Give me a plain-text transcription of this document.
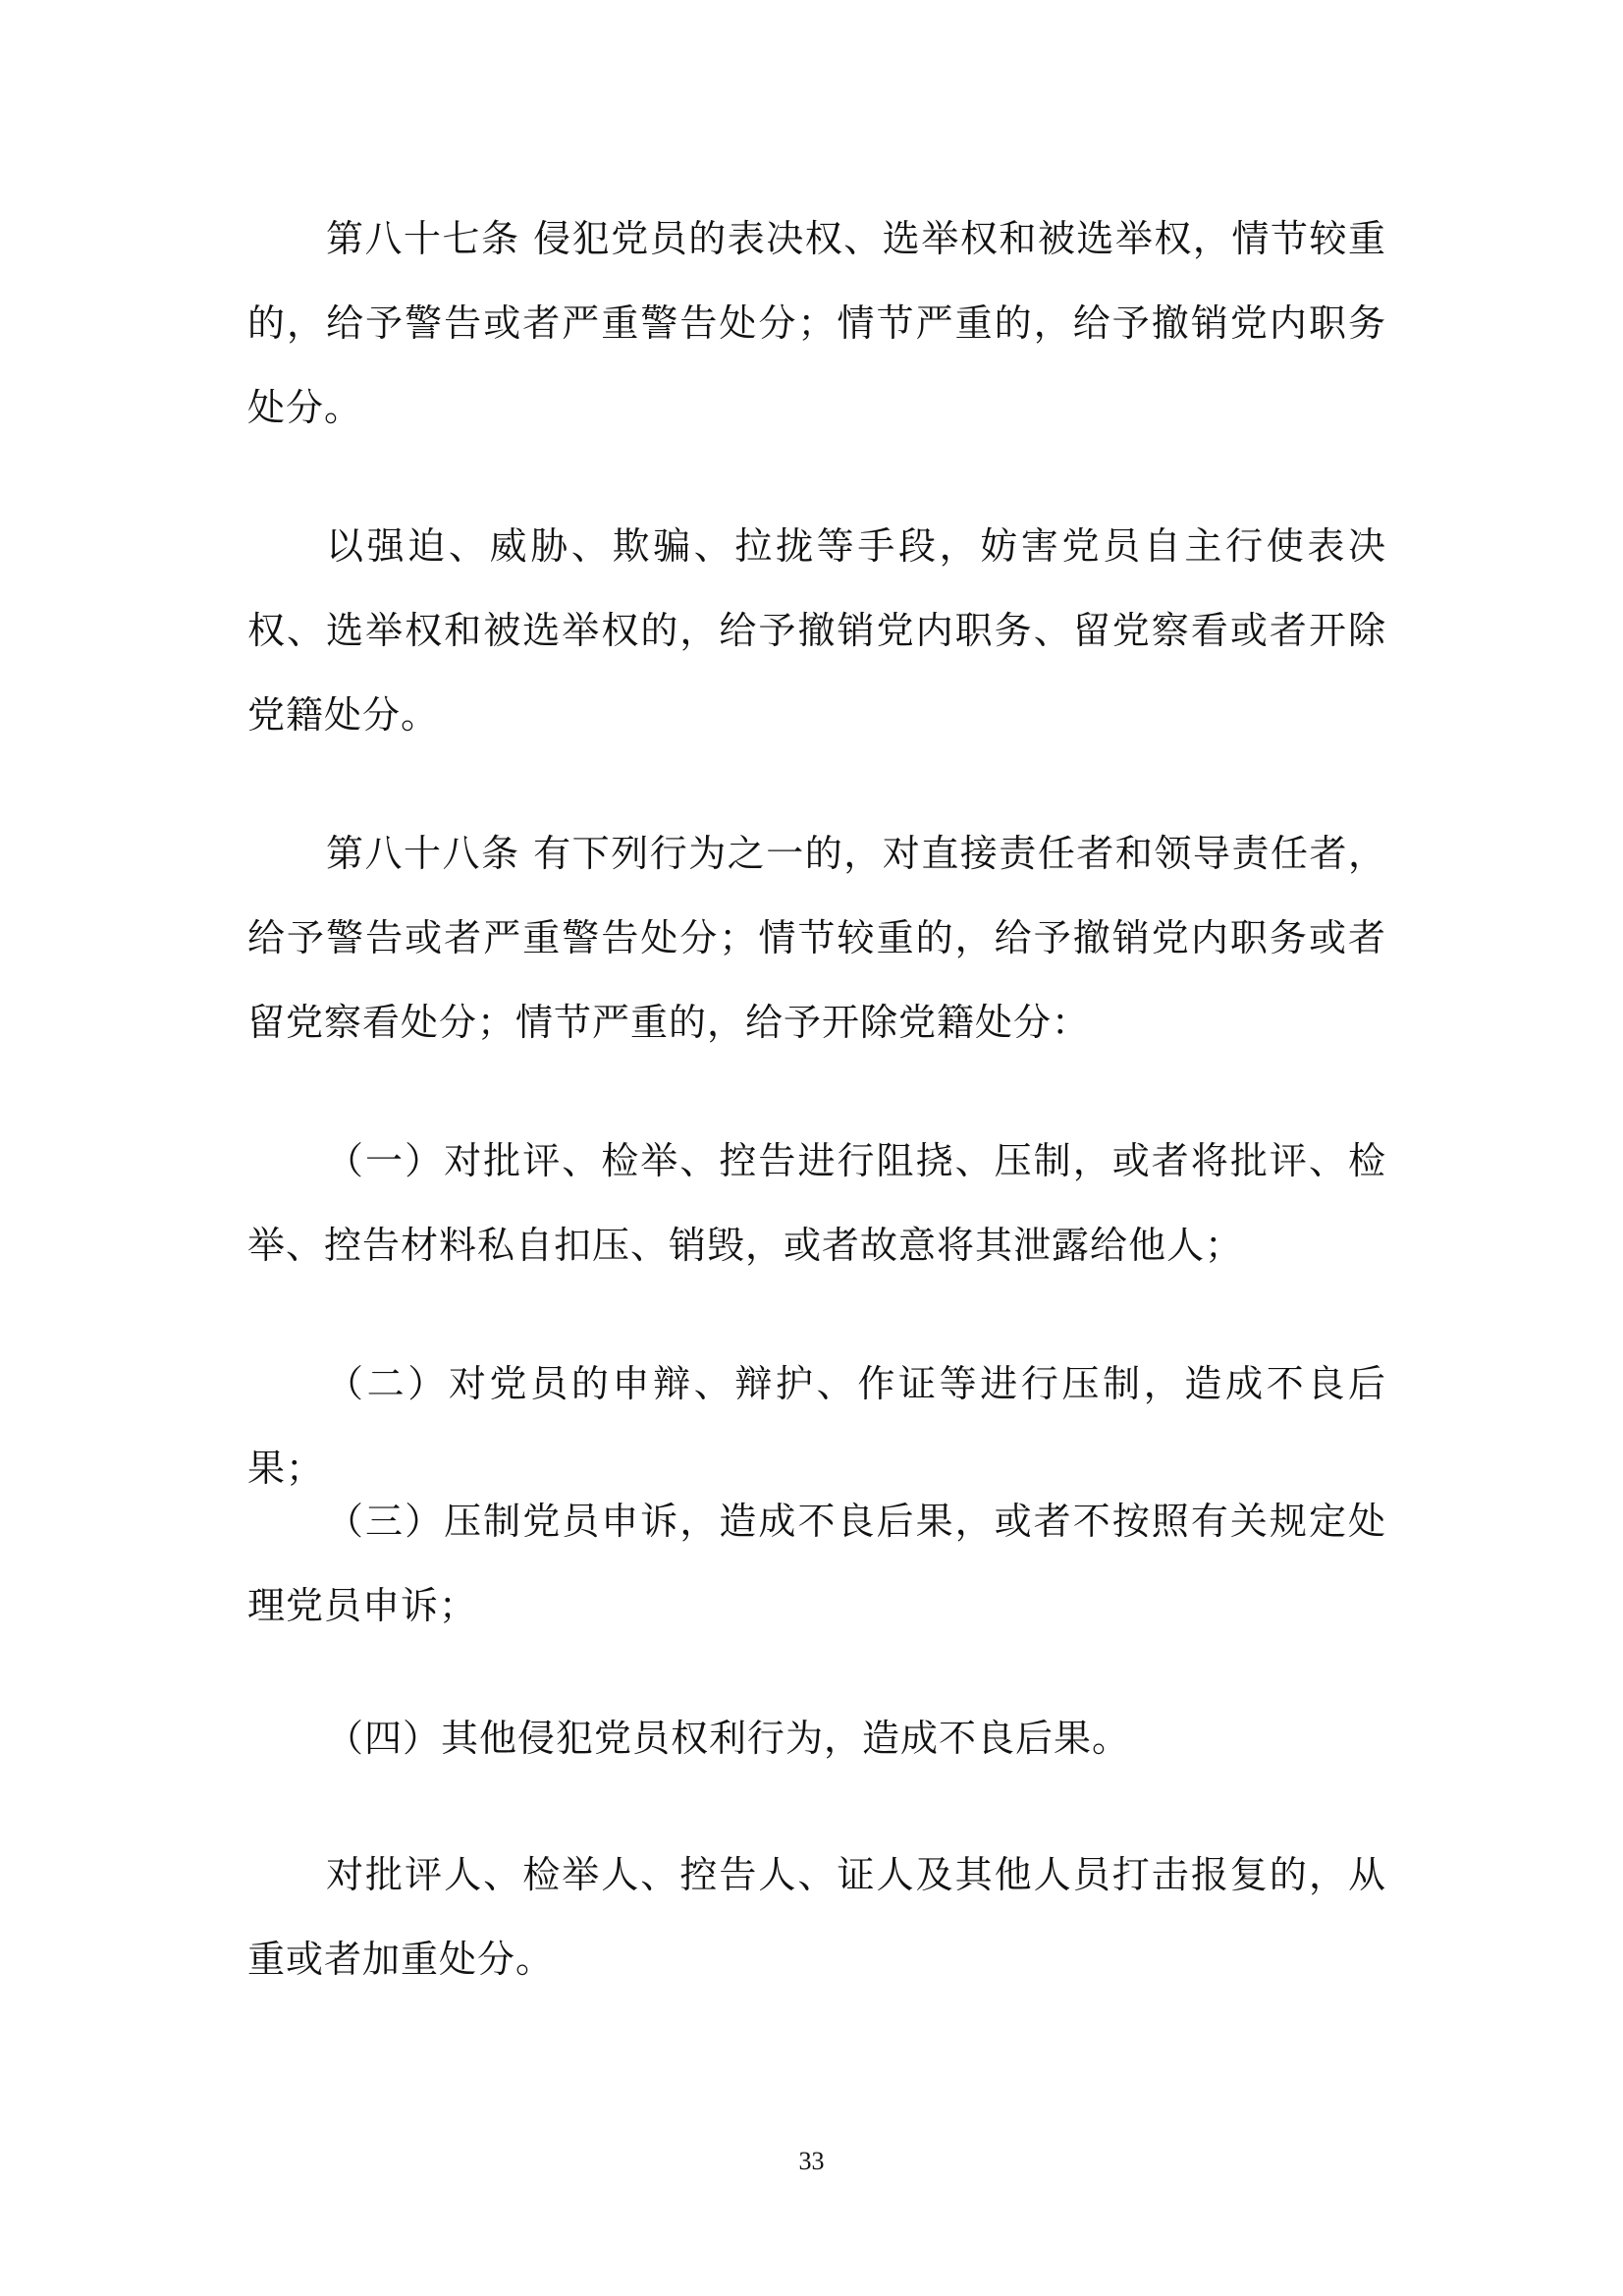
第八十七条 侵犯党员的表决权、选举权和被选举权，情节较重的，给予警告或者严重警告处分；情节严重的，给予撤销党内职务处分。

以强迫、威胁、欺骗、拉拢等手段，妨害党员自主行使表决权、选举权和被选举权的，给予撤销党内职务、留党察看或者开除党籍处分。

第八十八条 有下列行为之一的，对直接责任者和领导责任者，给予警告或者严重警告处分；情节较重的，给予撤销党内职务或者留党察看处分；情节严重的，给予开除党籍处分：

（一）对批评、检举、控告进行阻挠、压制，或者将批评、检举、控告材料私自扣压、销毁，或者故意将其泄露给他人；

（二）对党员的申辩、辩护、作证等进行压制，造成不良后果；

（三）压制党员申诉，造成不良后果，或者不按照有关规定处理党员申诉；

（四）其他侵犯党员权利行为，造成不良后果。

对批评人、检举人、控告人、证人及其他人员打击报复的，从重或者加重处分。

33
